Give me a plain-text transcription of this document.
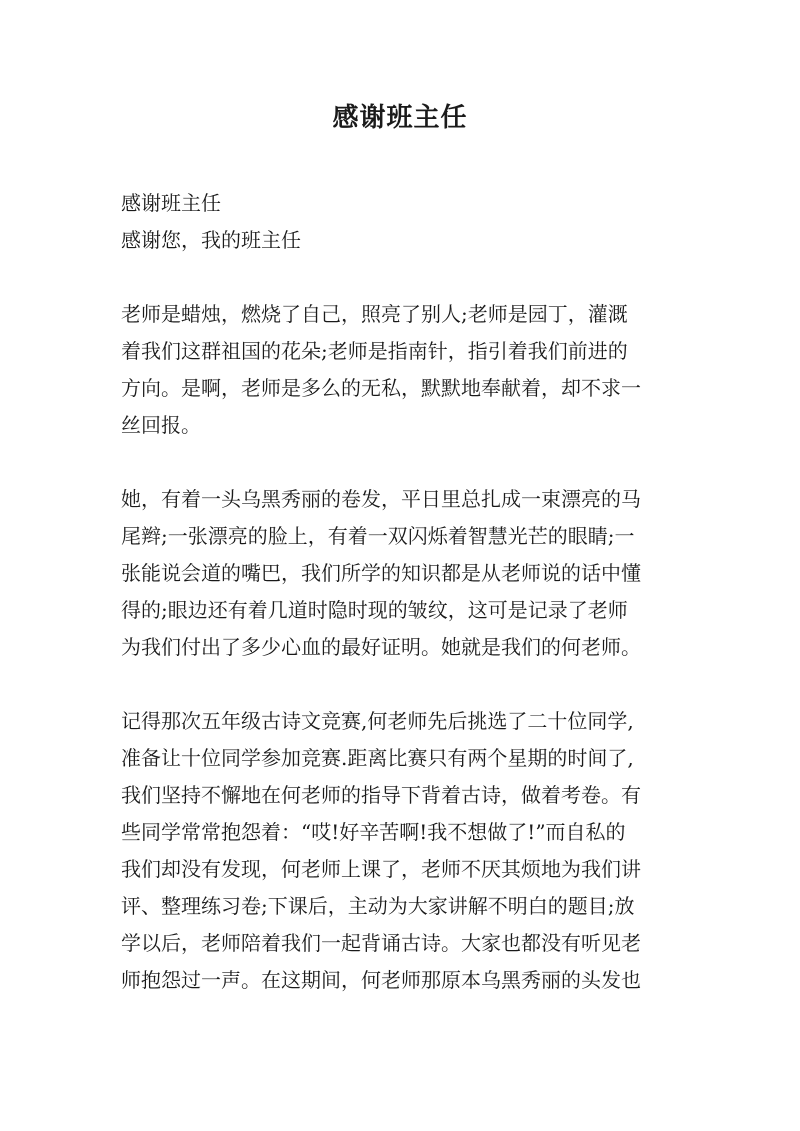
感谢班主任
感谢班主任
感谢您，我的班主任
老师是蜡烛，燃烧了自己，照亮了别人;老师是园丁，灌溉
着我们这群祖国的花朵;老师是指南针，指引着我们前进的
方向。是啊，老师是多么的无私，默默地奉献着，却不求一
丝回报。
她，有着一头乌黑秀丽的卷发，平日里总扎成一束漂亮的马
尾辫;一张漂亮的脸上，有着一双闪烁着智慧光芒的眼睛;一
张能说会道的嘴巴，我们所学的知识都是从老师说的话中懂
得的;眼边还有着几道时隐时现的皱纹，这可是记录了老师
为我们付出了多少心血的最好证明。她就是我们的何老师。
记得那次五年级古诗文竞赛,何老师先后挑选了二十位同学,
准备让十位同学参加竞赛.距离比赛只有两个星期的时间了,
我们坚持不懈地在何老师的指导下背着古诗，做着考卷。有
些同学常常抱怨着：“哎!好辛苦啊!我不想做了!”而自私的
我们却没有发现，何老师上课了，老师不厌其烦地为我们讲
评、整理练习卷;下课后，主动为大家讲解不明白的题目;放
学以后，老师陪着我们一起背诵古诗。大家也都没有听见老
师抱怨过一声。在这期间，何老师那原本乌黑秀丽的头发也
